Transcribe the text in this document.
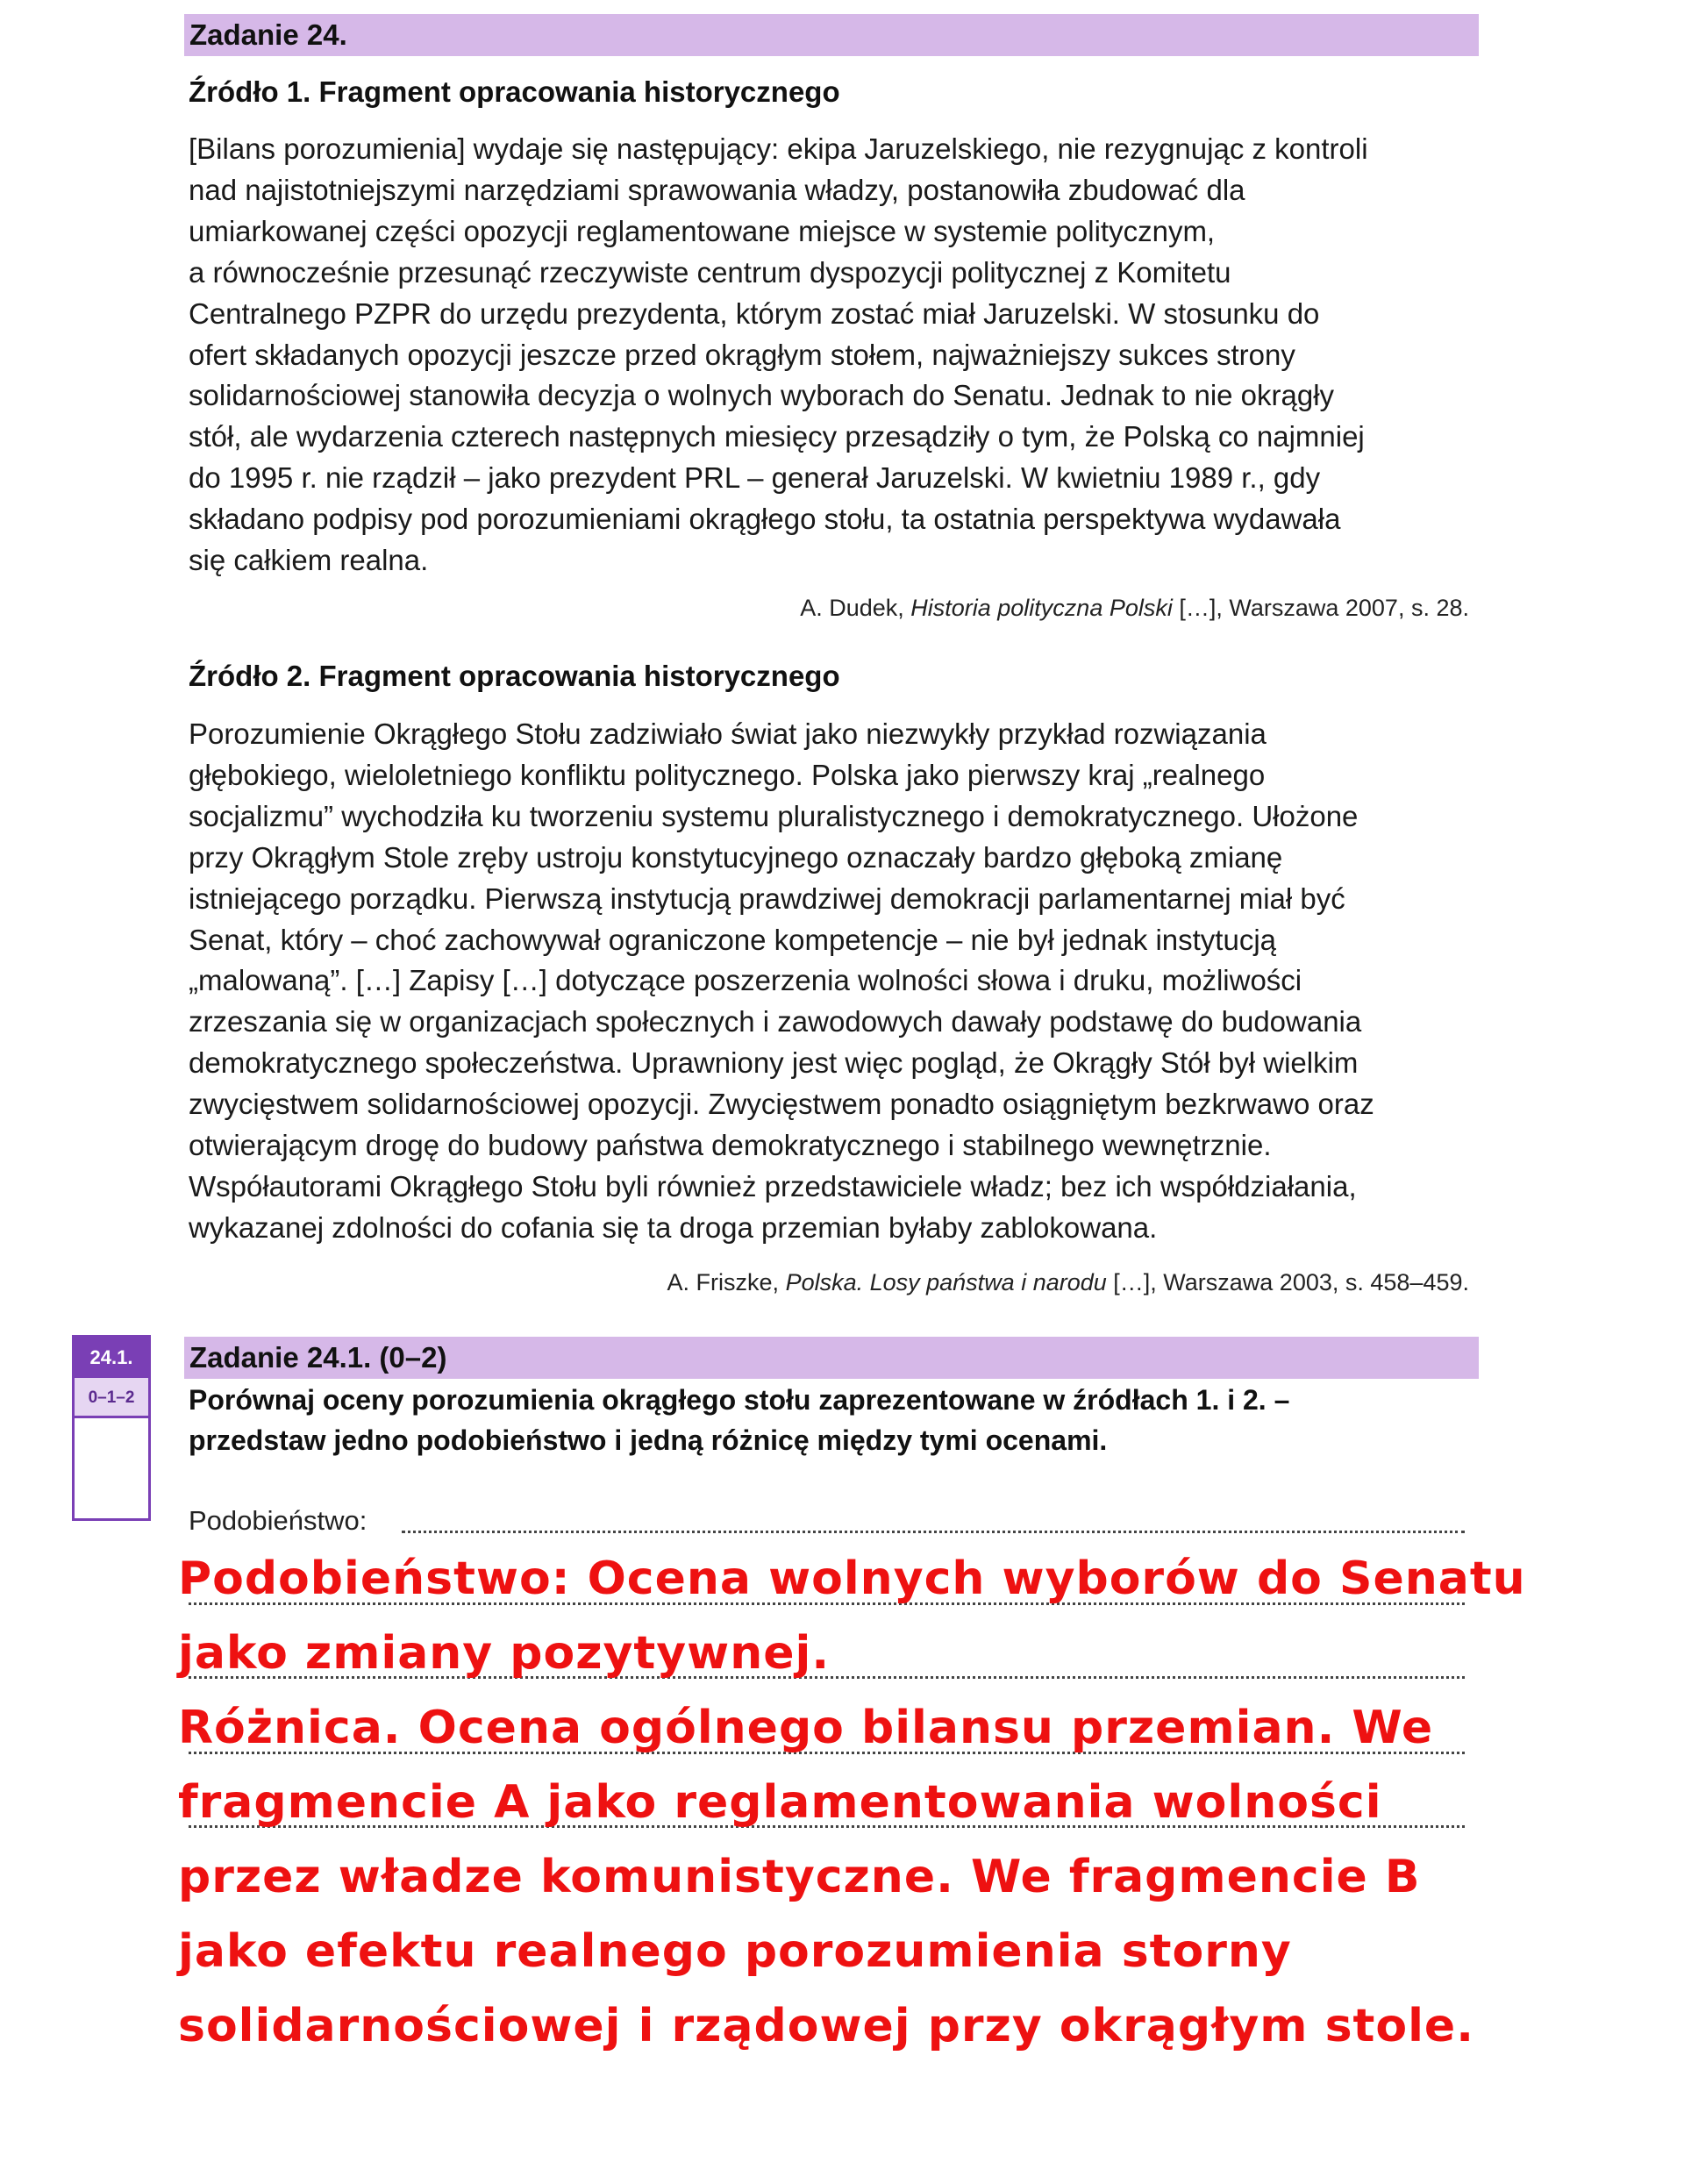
Zadanie 24.
Źródło 1. Fragment opracowania historycznego

[Bilans porozumienia] wydaje się następujący: ekipa Jaruzelskiego, nie rezygnując z kontroli
nad najistotniejszymi narzędziami sprawowania władzy, postanowiła zbudować dla
umiarkowanej części opozycji reglamentowane miejsce w systemie politycznym,
a równocześnie przesunąć rzeczywiste centrum dyspozycji politycznej z Komitetu
Centralnego PZPR do urzędu prezydenta, którym zostać miał Jaruzelski. W stosunku do
ofert składanych opozycji jeszcze przed okrągłym stołem, najważniejszy sukces strony
solidarnościowej stanowiła decyzja o wolnych wyborach do Senatu. Jednak to nie okrągły
stół, ale wydarzenia czterech następnych miesięcy przesądziły o tym, że Polską co najmniej
do 1995 r. nie rządził – jako prezydent PRL – generał Jaruzelski. W kwietniu 1989 r., gdy
składano podpisy pod porozumieniami okrągłego stołu, ta ostatnia perspektywa wydawała
się całkiem realna.

A. Dudek, Historia polityczna Polski […], Warszawa 2007, s. 28.
Źródło 2. Fragment opracowania historycznego

Porozumienie Okrągłego Stołu zadziwiało świat jako niezwykły przykład rozwiązania
głębokiego, wieloletniego konfliktu politycznego. Polska jako pierwszy kraj „realnego
socjalizmu” wychodziła ku tworzeniu systemu pluralistycznego i demokratycznego. Ułożone
przy Okrągłym Stole zręby ustroju konstytucyjnego oznaczały bardzo głęboką zmianę
istniejącego porządku. Pierwszą instytucją prawdziwej demokracji parlamentarnej miał być
Senat, który – choć zachowywał ograniczone kompetencje – nie był jednak instytucją
„malowaną”. […] Zapisy […] dotyczące poszerzenia wolności słowa i druku, możliwości
zrzeszania się w organizacjach społecznych i zawodowych dawały podstawę do budowania
demokratycznego społeczeństwa. Uprawniony jest więc pogląd, że Okrągły Stół był wielkim
zwycięstwem solidarnościowej opozycji. Zwycięstwem ponadto osiągniętym bezkrwawo oraz
otwierającym drogę do budowy państwa demokratycznego i stabilnego wewnętrznie.
Współautorami Okrągłego Stołu byli również przedstawiciele władz; bez ich współdziałania,
wykazanej zdolności do cofania się ta droga przemian byłaby zablokowana.

A. Friszke, Polska. Losy państwa i narodu […], Warszawa 2003, s. 458–459.
24.1.
0–1–2
Zadanie 24.1. (0–2)

Porównaj oceny porozumienia okrągłego stołu zaprezentowane w źródłach 1. i 2. –
przedstaw jedno podobieństwo i jedną różnicę między tymi ocenami.

Podobieństwo:

Podobieństwo: Ocena wolnych wyborów do Senatu
jako zmiany pozytywnej.
Różnica. Ocena ogólnego bilansu przemian. We
fragmencie A jako reglamentowania wolności
przez władze komunistyczne. We fragmencie B
jako efektu realnego porozumienia storny
solidarnościowej i rządowej przy okrągłym stole.
